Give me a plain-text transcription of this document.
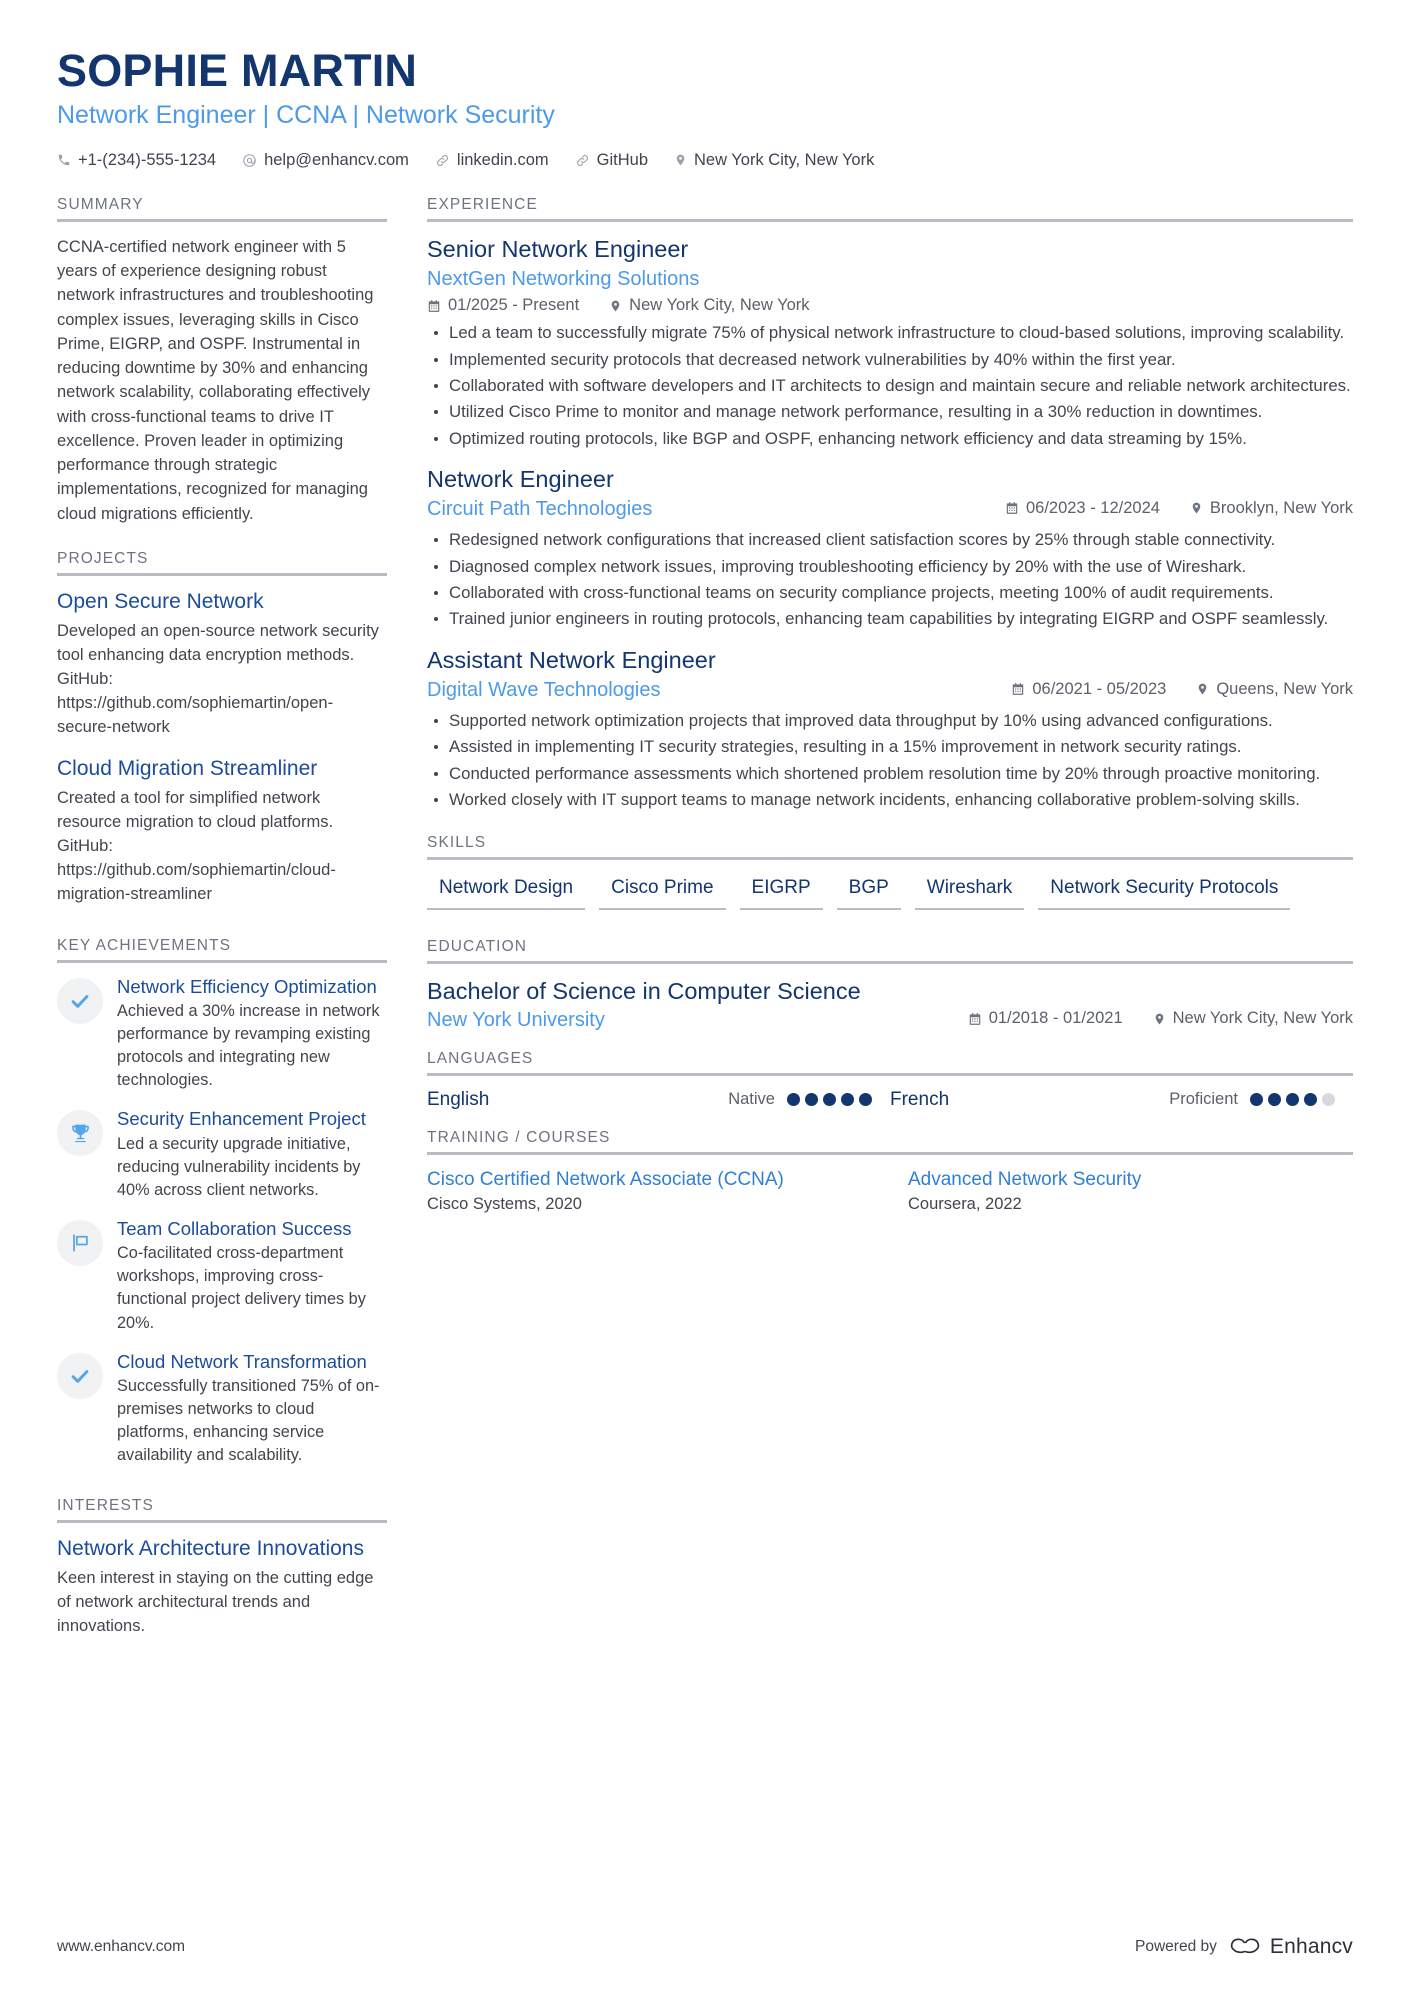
SOPHIE MARTIN
Network Engineer | CCNA | Network Security
+1-(234)-555-1234	help@enhancv.com	linkedin.com	GitHub	New York City, New York
SUMMARY
CCNA-certified network engineer with 5 years of experience designing robust network infrastructures and troubleshooting complex issues, leveraging skills in Cisco Prime, EIGRP, and OSPF. Instrumental in reducing downtime by 30% and enhancing network scalability, collaborating effectively with cross-functional teams to drive IT excellence. Proven leader in optimizing performance through strategic implementations, recognized for managing cloud migrations efficiently.
PROJECTS
Open Secure Network
Developed an open-source network security tool enhancing data encryption methods. GitHub: https://github.com/sophiemartin/open-secure-network
Cloud Migration Streamliner
Created a tool for simplified network resource migration to cloud platforms. GitHub: https://github.com/sophiemartin/cloud-migration-streamliner
KEY ACHIEVEMENTS
Network Efficiency Optimization
Achieved a 30% increase in network performance by revamping existing protocols and integrating new technologies.
Security Enhancement Project
Led a security upgrade initiative, reducing vulnerability incidents by 40% across client networks.
Team Collaboration Success
Co-facilitated cross-department workshops, improving cross-functional project delivery times by 20%.
Cloud Network Transformation
Successfully transitioned 75% of on-premises networks to cloud platforms, enhancing service availability and scalability.
INTERESTS
Network Architecture Innovations
Keen interest in staying on the cutting edge of network architectural trends and innovations.
EXPERIENCE
Senior Network Engineer
NextGen Networking Solutions
01/2025 - Present	New York City, New York
Led a team to successfully migrate 75% of physical network infrastructure to cloud-based solutions, improving scalability.
Implemented security protocols that decreased network vulnerabilities by 40% within the first year.
Collaborated with software developers and IT architects to design and maintain secure and reliable network architectures.
Utilized Cisco Prime to monitor and manage network performance, resulting in a 30% reduction in downtimes.
Optimized routing protocols, like BGP and OSPF, enhancing network efficiency and data streaming by 15%.
Network Engineer
Circuit Path Technologies	06/2023 - 12/2024	Brooklyn, New York
Redesigned network configurations that increased client satisfaction scores by 25% through stable connectivity.
Diagnosed complex network issues, improving troubleshooting efficiency by 20% with the use of Wireshark.
Collaborated with cross-functional teams on security compliance projects, meeting 100% of audit requirements.
Trained junior engineers in routing protocols, enhancing team capabilities by integrating EIGRP and OSPF seamlessly.
Assistant Network Engineer
Digital Wave Technologies	06/2021 - 05/2023	Queens, New York
Supported network optimization projects that improved data throughput by 10% using advanced configurations.
Assisted in implementing IT security strategies, resulting in a 15% improvement in network security ratings.
Conducted performance assessments which shortened problem resolution time by 20% through proactive monitoring.
Worked closely with IT support teams to manage network incidents, enhancing collaborative problem-solving skills.
SKILLS
Network Design	Cisco Prime	EIGRP	BGP	Wireshark	Network Security Protocols
EDUCATION
Bachelor of Science in Computer Science
New York University	01/2018 - 01/2021	New York City, New York
LANGUAGES
English	Native	French	Proficient
TRAINING / COURSES
Cisco Certified Network Associate (CCNA)
Cisco Systems, 2020
Advanced Network Security
Coursera, 2022
www.enhancv.com	Powered by	Enhancv
